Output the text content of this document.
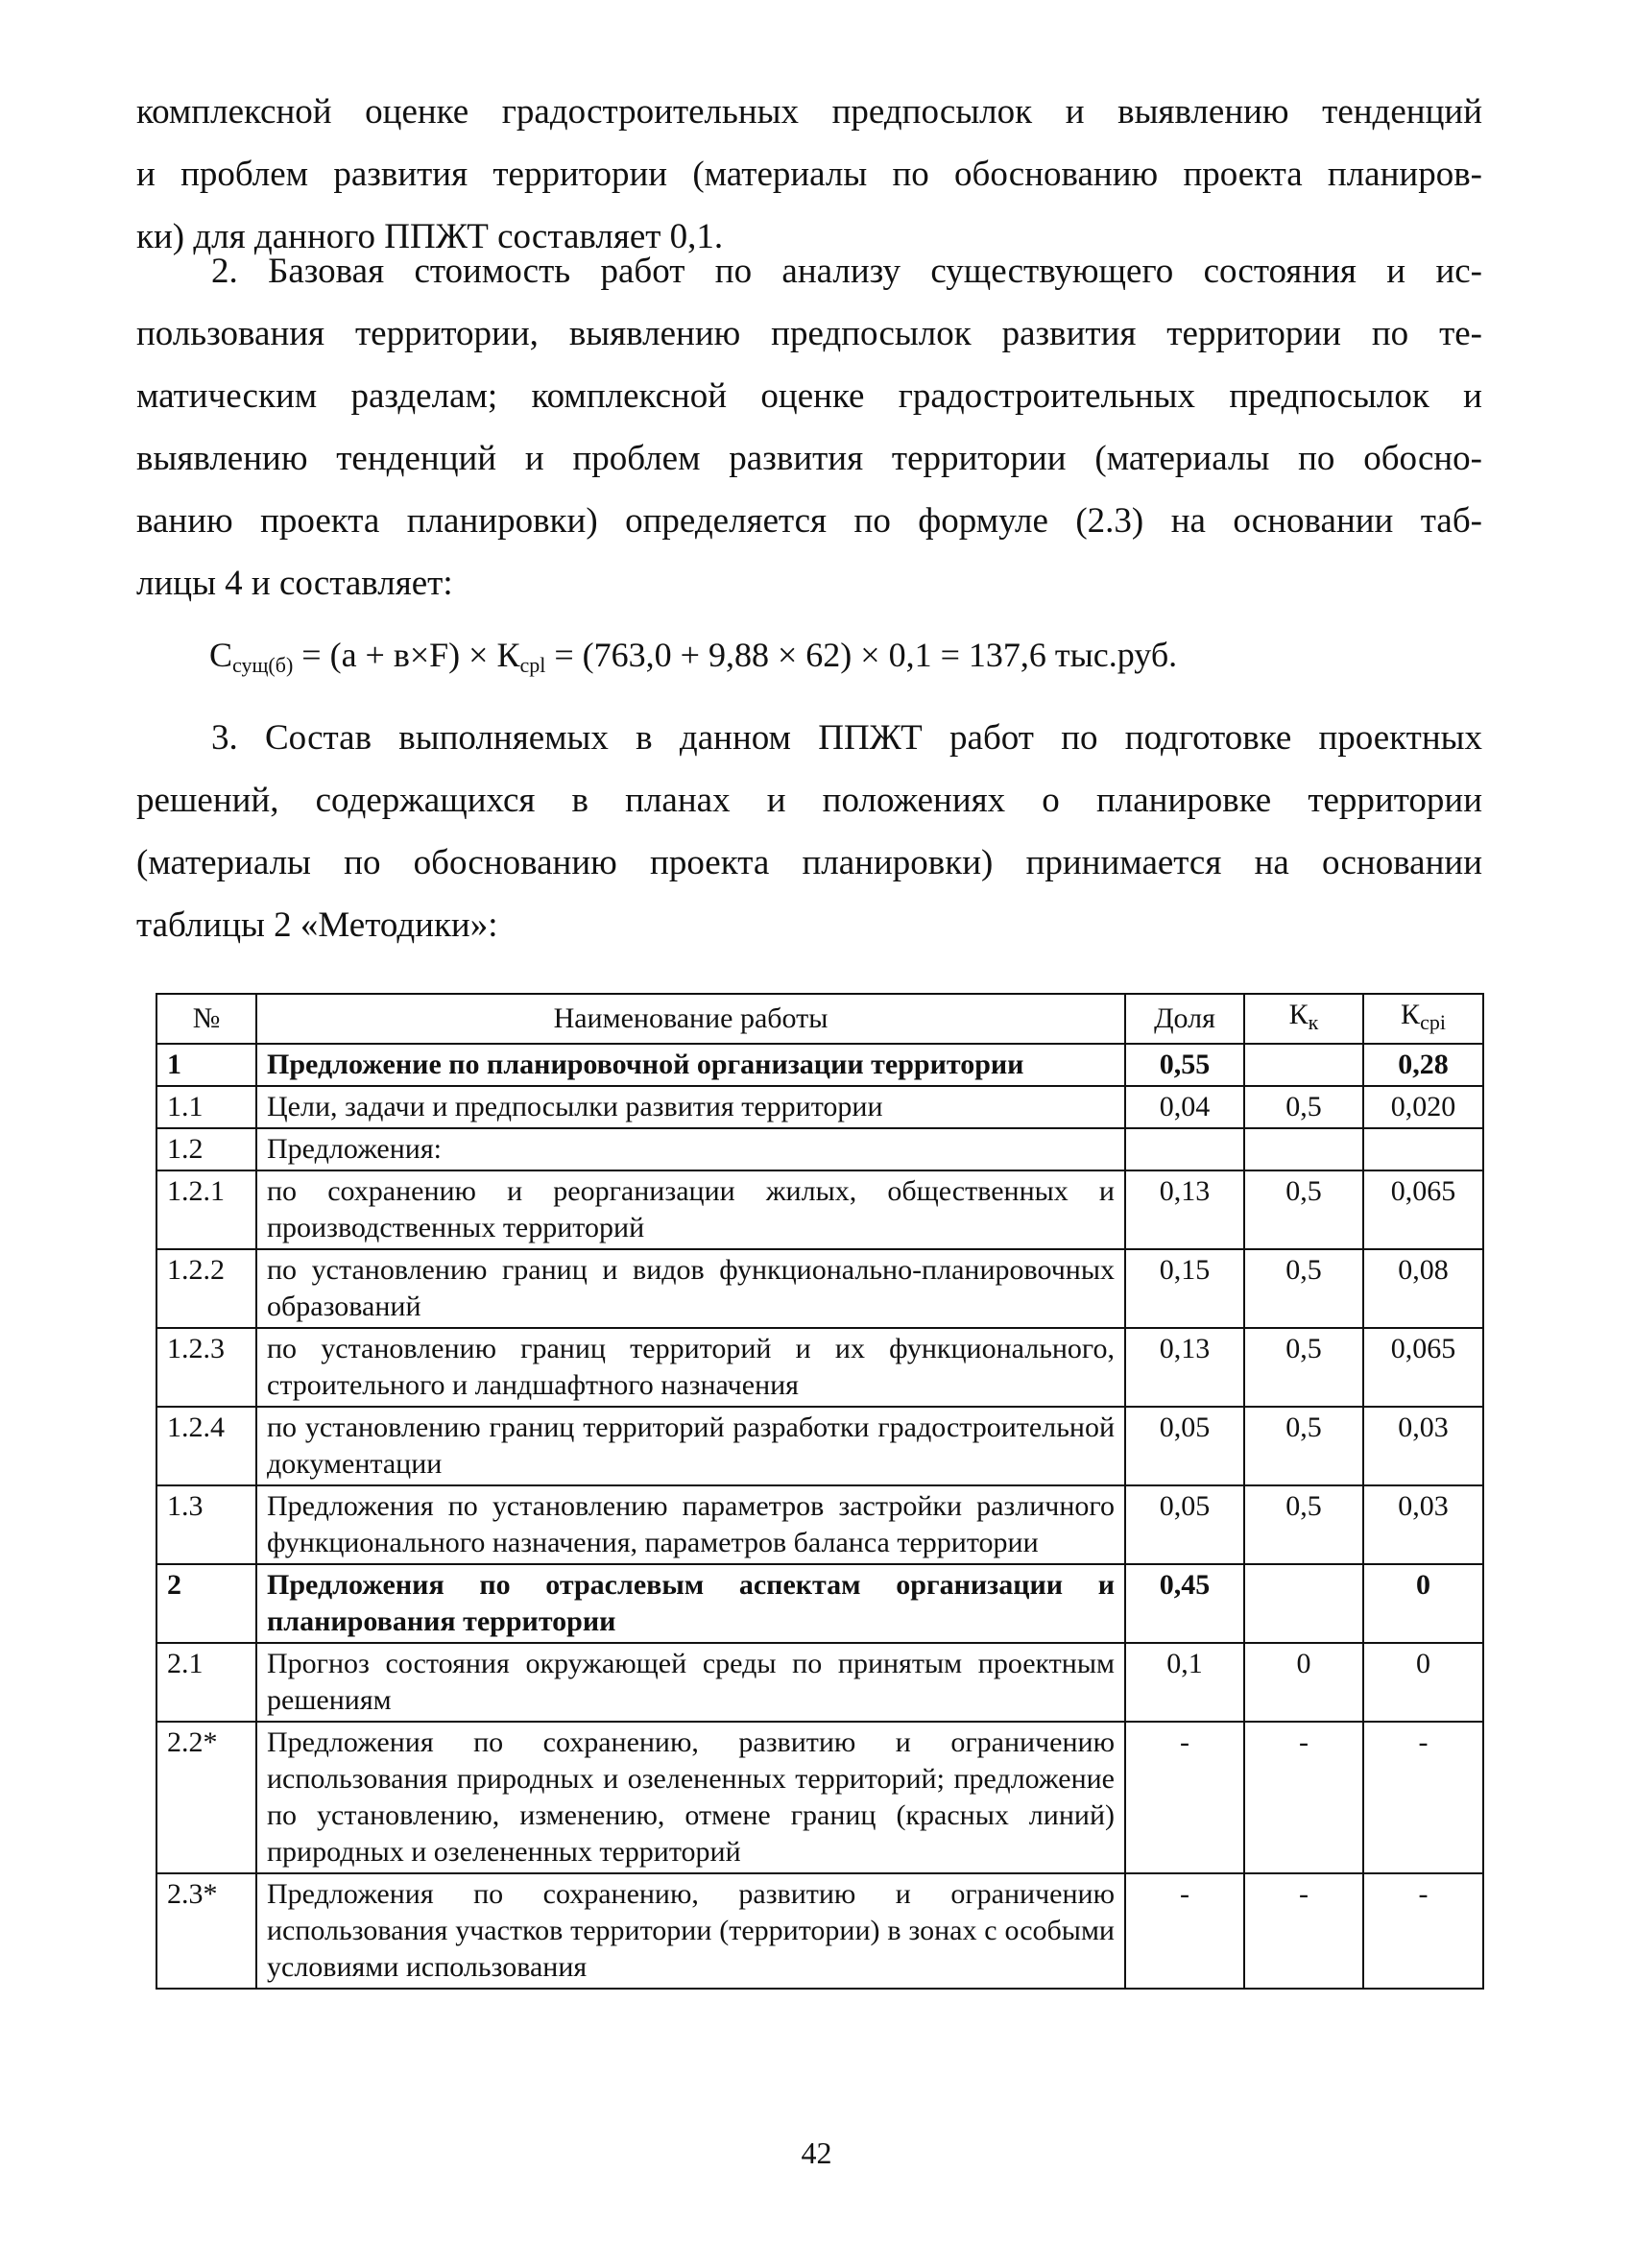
комплексной оценке градостроительных предпосылок и выявлению тенденций
и проблем развития территории (материалы по обоснованию проекта планиров-
ки) для данного ППЖТ составляет 0,1.

2. Базовая стоимость работ по анализу существующего состояния и ис-
пользования территории, выявлению предпосылок развития территории по те-
матическим разделам; комплексной оценке градостроительных предпосылок и
выявлению тенденций и проблем развития территории (материалы по обосно-
ванию проекта планировки) определяется по формуле (2.3) на основании таб-
лицы 4 и составляет:

$С_{сущ(б)} = (а + в\times F) \times К_{срl} = (763,0 + 9,88 \times 62) \times 0,1 = 137,6$ тыс.руб.

3. Состав выполняемых в данном ППЖТ работ по подготовке проектных
решений, содержащихся в планах и положениях о планировке территории
(материалы по обоснованию проекта планировки) принимается на основании
таблицы 2 «Методики»:

№	Наименование работы	Доля	$К_к$	$К_{срi}$
1	Предложение по планировочной организации территории	0,55		0,28
1.1	Цели, задачи и предпосылки развития территории	0,04	0,5	0,020
1.2	Предложения:			
1.2.1	по сохранению и реорганизации жилых, общественных и производственных территорий	0,13	0,5	0,065
1.2.2	по установлению границ и видов функционально-планировочных образований	0,15	0,5	0,08
1.2.3	по установлению границ территорий и их функционального, строительного и ландшафтного назначения	0,13	0,5	0,065
1.2.4	по установлению границ территорий разработки градостроительной документации	0,05	0,5	0,03
1.3	Предложения по установлению параметров застройки различного функционального назначения, параметров баланса территории	0,05	0,5	0,03
2	Предложения по отраслевым аспектам организации и планирования территории	0,45		0
2.1	Прогноз состояния окружающей среды по принятым проектным решениям	0,1	0	0
2.2*	Предложения по сохранению, развитию и ограничению использования природных и озелененных территорий; предложение по установлению, изменению, отмене границ (красных линий) природных и озелененных территорий	-	-	-
2.3*	Предложения по сохранению, развитию и ограничению использования участков территории (территории) в зонах с особыми условиями использования	-	-	-
42
